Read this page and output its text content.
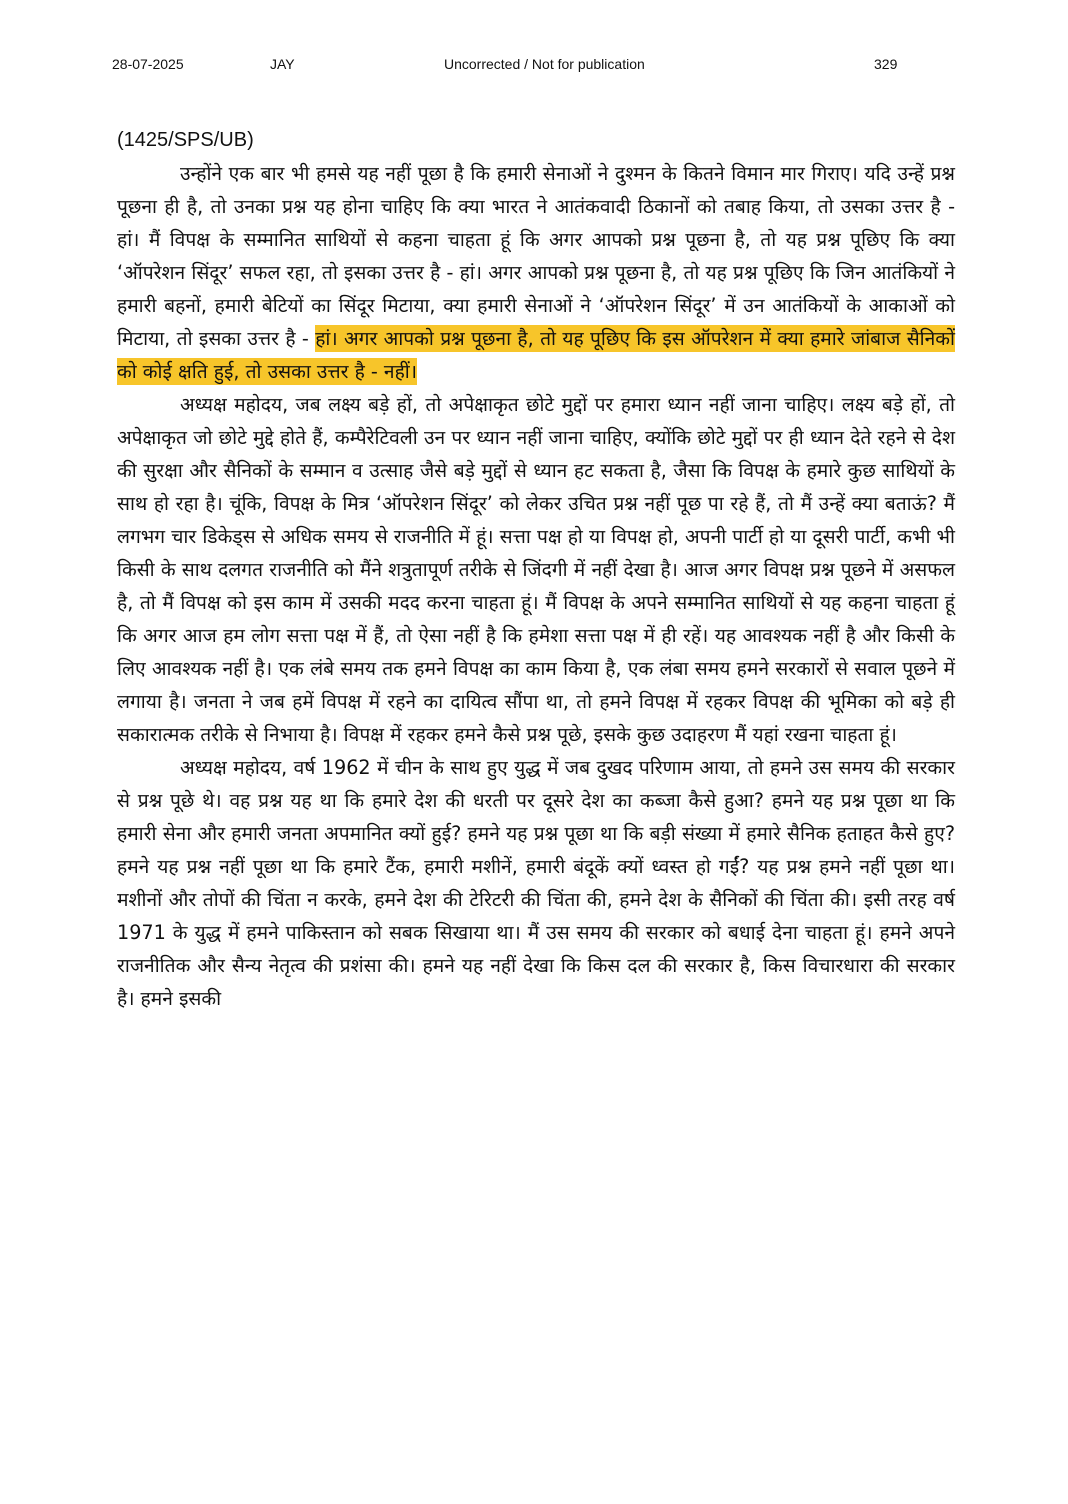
28-07-2025	JAY	Uncorrected / Not for publication	329

(1425/SPS/UB)

उन्होंने एक बार भी हमसे यह नहीं पूछा है कि हमारी सेनाओं ने दुश्मन के कितने विमान मार गिराए। यदि उन्हें प्रश्न पूछना ही है, तो उनका प्रश्न यह होना चाहिए कि क्या भारत ने आतंकवादी ठिकानों को तबाह किया, तो उसका उत्तर है - हां। मैं विपक्ष के सम्मानित साथियों से कहना चाहता हूं कि अगर आपको प्रश्न पूछना है, तो यह प्रश्न पूछिए कि क्या ‘ऑपरेशन सिंदूर’ सफल रहा, तो इसका उत्तर है - हां। अगर आपको प्रश्न पूछना है, तो यह प्रश्न पूछिए कि जिन आतंकियों ने हमारी बहनों, हमारी बेटियों का सिंदूर मिटाया, क्या हमारी सेनाओं ने ‘ऑपरेशन सिंदूर’ में उन आतंकियों के आकाओं को मिटाया, तो इसका उत्तर है - हां। अगर आपको प्रश्न पूछना है, तो यह पूछिए कि इस ऑपरेशन में क्या हमारे जांबाज सैनिकों को कोई क्षति हुई, तो उसका उत्तर है - नहीं।

अध्यक्ष महोदय, जब लक्ष्य बड़े हों, तो अपेक्षाकृत छोटे मुद्दों पर हमारा ध्यान नहीं जाना चाहिए। लक्ष्य बड़े हों, तो अपेक्षाकृत जो छोटे मुद्दे होते हैं, कम्पैरेटिवली उन पर ध्यान नहीं जाना चाहिए, क्योंकि छोटे मुद्दों पर ही ध्यान देते रहने से देश की सुरक्षा और सैनिकों के सम्मान व उत्साह जैसे बड़े मुद्दों से ध्यान हट सकता है, जैसा कि विपक्ष के हमारे कुछ साथियों के साथ हो रहा है। चूंकि, विपक्ष के मित्र ‘ऑपरेशन सिंदूर’ को लेकर उचित प्रश्न नहीं पूछ पा रहे हैं, तो मैं उन्हें क्या बताऊं? मैं लगभग चार डिकेड्स से अधिक समय से राजनीति में हूं। सत्ता पक्ष हो या विपक्ष हो, अपनी पार्टी हो या दूसरी पार्टी, कभी भी किसी के साथ दलगत राजनीति को मैंने शत्रुतापूर्ण तरीके से जिंदगी में नहीं देखा है। आज अगर विपक्ष प्रश्न पूछने में असफल है, तो मैं विपक्ष को इस काम में उसकी मदद करना चाहता हूं। मैं विपक्ष के अपने सम्मानित साथियों से यह कहना चाहता हूं कि अगर आज हम लोग सत्ता पक्ष में हैं, तो ऐसा नहीं है कि हमेशा सत्ता पक्ष में ही रहें। यह आवश्यक नहीं है और किसी के लिए आवश्यक नहीं है। एक लंबे समय तक हमने विपक्ष का काम किया है, एक लंबा समय हमने सरकारों से सवाल पूछने में लगाया है। जनता ने जब हमें विपक्ष में रहने का दायित्व सौंपा था, तो हमने विपक्ष में रहकर विपक्ष की भूमिका को बड़े ही सकारात्मक तरीके से निभाया है। विपक्ष में रहकर हमने कैसे प्रश्न पूछे, इसके कुछ उदाहरण मैं यहां रखना चाहता हूं।

अध्यक्ष महोदय, वर्ष 1962 में चीन के साथ हुए युद्ध में जब दुखद परिणाम आया, तो हमने उस समय की सरकार से प्रश्न पूछे थे। वह प्रश्न यह था कि हमारे देश की धरती पर दूसरे देश का कब्जा कैसे हुआ? हमने यह प्रश्न पूछा था कि हमारी सेना और हमारी जनता अपमानित क्यों हुई? हमने यह प्रश्न पूछा था कि बड़ी संख्या में हमारे सैनिक हताहत कैसे हुए? हमने यह प्रश्न नहीं पूछा था कि हमारे टैंक, हमारी मशीनें, हमारी बंदूकें क्यों ध्वस्त हो गईं? यह प्रश्न हमने नहीं पूछा था। मशीनों और तोपों की चिंता न करके, हमने देश की टेरिटरी की चिंता की, हमने देश के सैनिकों की चिंता की। इसी तरह वर्ष 1971 के युद्ध में हमने पाकिस्तान को सबक सिखाया था। मैं उस समय की सरकार को बधाई देना चाहता हूं। हमने अपने राजनीतिक और सैन्य नेतृत्व की प्रशंसा की। हमने यह नहीं देखा कि किस दल की सरकार है, किस विचारधारा की सरकार है। हमने इसकी
